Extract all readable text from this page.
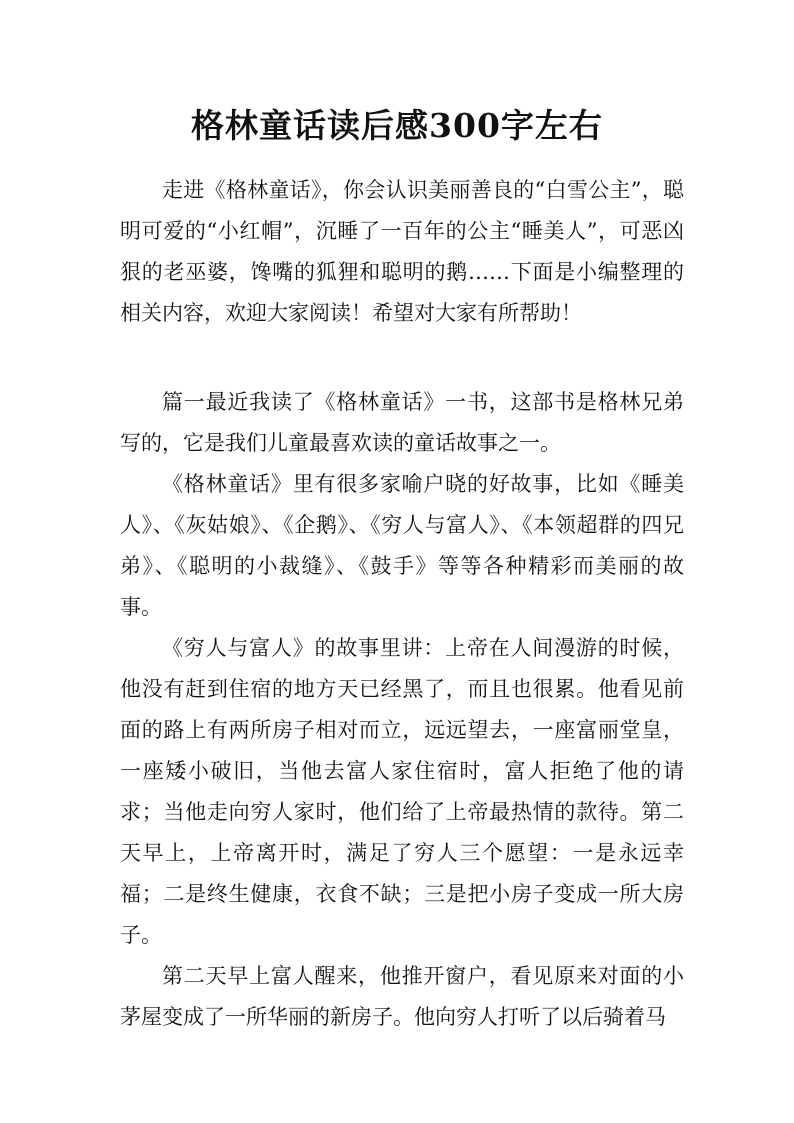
格林童话读后感300字左右

走进《格林童话》，你会认识美丽善良的“白雪公主”，聪明可爱的“小红帽”，沉睡了一百年的公主“睡美人”，可恶凶狠的老巫婆，馋嘴的狐狸和聪明的鹅……下面是小编整理的相关内容，欢迎大家阅读！希望对大家有所帮助！

篇一最近我读了《格林童话》一书，这部书是格林兄弟写的，它是我们儿童最喜欢读的童话故事之一。

《格林童话》里有很多家喻户晓的好故事，比如《睡美人》、《灰姑娘》、《企鹅》、《穷人与富人》、《本领超群的四兄弟》、《聪明的小裁缝》、《鼓手》等等各种精彩而美丽的故事。

《穷人与富人》的故事里讲：上帝在人间漫游的时候，他没有赶到住宿的地方天已经黑了，而且也很累。他看见前面的路上有两所房子相对而立，远远望去，一座富丽堂皇，一座矮小破旧，当他去富人家住宿时，富人拒绝了他的请求；当他走向穷人家时，他们给了上帝最热情的款待。第二天早上，上帝离开时，满足了穷人三个愿望：一是永远幸福；二是终生健康，衣食不缺；三是把小房子变成一所大房子。

第二天早上富人醒来，他推开窗户，看见原来对面的小茅屋变成了一所华丽的新房子。他向穷人打听了以后骑着马
